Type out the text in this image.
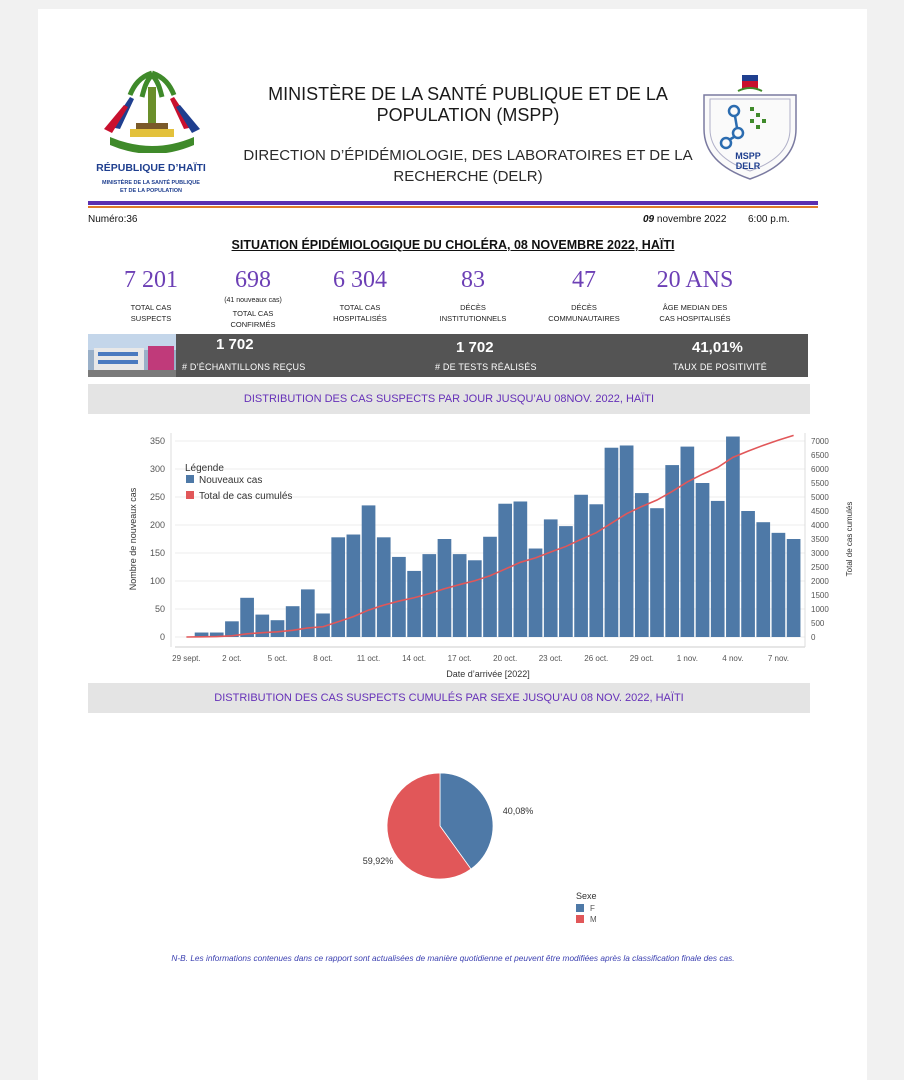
RÉPUBLIQUE D’HAÏTI
MINISTÈRE DE LA SANTÉ PUBLIQUE
ET DE LA POPULATION
MINISTÈRE DE LA SANTÉ PUBLIQUE ET DE LA
POPULATION (MSPP)
DIRECTION D’ÉPIDÉMIOLOGIE, DES LABORATOIRES ET DE LA
RECHERCHE (DELR)
MSPP
DELR
Numéro:36	09 novembre 2022 6:00 p.m.
SITUATION ÉPIDÉMIOLOGIQUE DU CHOLÉRA, 08 NOVEMBRE 2022, HAÏTI
7 201
TOTAL CAS
SUSPECTS
698
(41 nouveaux cas)
TOTAL CAS
CONFIRMÉS
6 304
TOTAL CAS
HOSPITALISÉS
83
DÉCÈS
INSTITUTIONNELS
47
DÉCÈS
COMMUNAUTAIRES
20 ANS
ÂGE MEDIAN DES
CAS HOSPITALISÉS
1 702
# D’ÉCHANTILLONS REÇUS
1 702
# DE TESTS RÉALISÉS
41,01%
TAUX DE POSITIVITÉ
DISTRIBUTION DES CAS SUSPECTS PAR JOUR JUSQU’AU 08NOV. 2022, HAÏTI
0
50
100
150
200
250
300
350
0
500
1000
1500
2000
2500
3000
3500
4000
4500
5000
5500
6000
6500
7000
29 sept.	2 oct.	5 oct.	8 oct.	11 oct.	14 oct.	17 oct.	20 oct.	23 oct.	26 oct.	29 oct.	1 nov.	4 nov.	7 nov.
Nombre de nouveaux cas	Total de cas cumulés
Date d’arrivée [2022]
Légende
Nouveaux cas
Total de cas cumulés
DISTRIBUTION DES CAS SUSPECTS CUMULÉS PAR SEXE JUSQU’AU 08 NOV. 2022, HAÏTI
40,08%
59,92%
Sexe
F
M
N-B. Les informations contenues dans ce rapport sont actualisées de manière quotidienne et peuvent être modifiées après la classification finale des cas.
